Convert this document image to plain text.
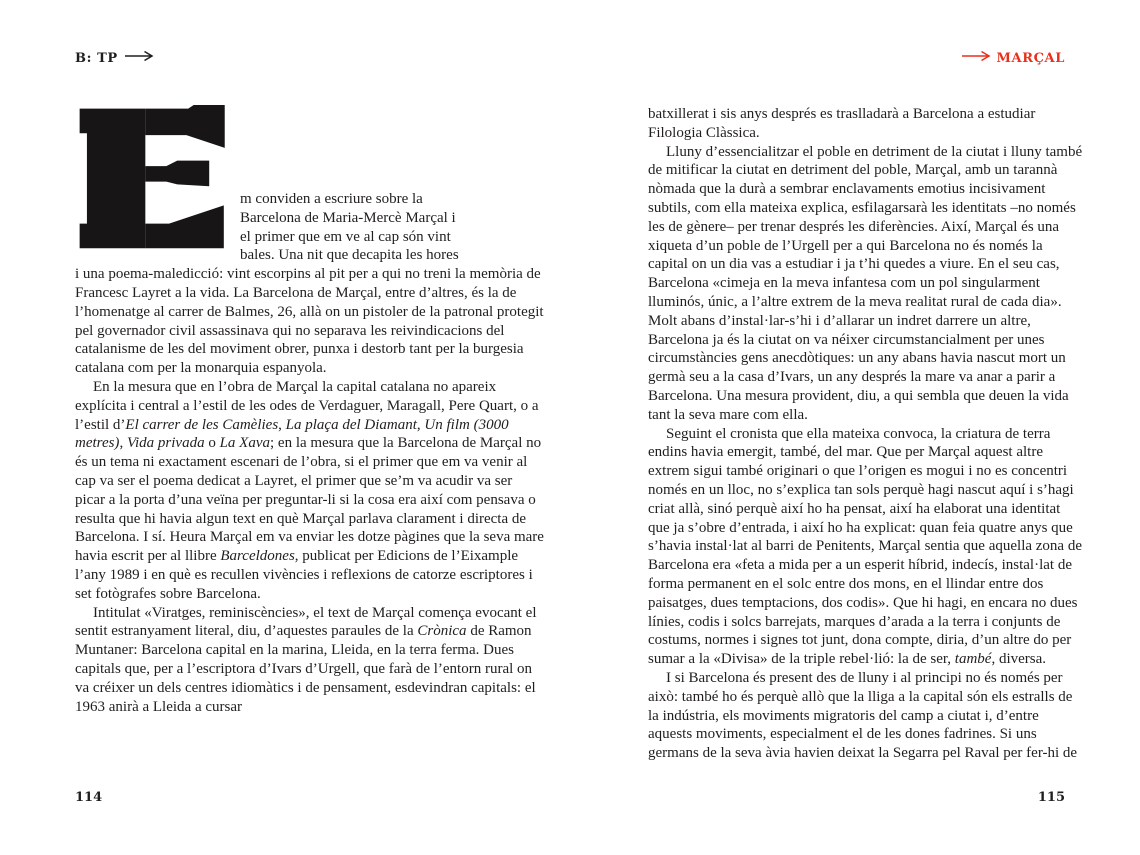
B: TP	MARÇAL
m conviden a escriure sobre la
Barcelona de Maria-Mercè Marçal i
el primer que em ve al cap són vint
bales. Una nit que decapita les hores

i una poema-maledicció: vint escorpins al pit per a qui no treni la memòria de Francesc Layret a la vida. La Barcelona de Marçal, entre d’altres, és la de l’homenatge al carrer de Balmes, 26, allà on un pistoler de la patronal protegit pel governador civil assassinava qui no separava les reivindicacions del catalanisme de les del moviment obrer, punxa i destorb tant per la burgesia catalana com per la monarquia espanyola.

En la mesura que en l’obra de Marçal la capital catalana no apareix explícita i central a l’estil de les odes de Verdaguer, Maragall, Pere Quart, o a l’estil d’El carrer de les Camèlies, La plaça del Diamant, Un film (3000 metres), Vida privada o La Xava; en la mesura que la Barcelona de Marçal no és un tema ni exactament escenari de l’obra, si el primer que em va venir al cap va ser el poema dedicat a Layret, el primer que se’m va acudir va ser picar a la porta d’una veïna per preguntar-li si la cosa era així com pensava o resulta que hi havia algun text en què Marçal parlava clarament i directa de Barcelona. I sí. Heura Marçal em va enviar les dotze pàgines que la seva mare havia escrit per al llibre Barceldones, publicat per Edicions de l’Eixample l’any 1989 i en què es recullen vivències i reflexions de catorze escriptores i set fotògrafes sobre Barcelona.

Intitulat «Viratges, reminiscències», el text de Marçal comença evocant el sentit estranyament literal, diu, d’aquestes paraules de la Crònica de Ramon Muntaner: Barcelona capital en la marina, Lleida, en la terra ferma. Dues capitals que, per a l’escriptora d’Ivars d’Urgell, que farà de l’entorn rural on va créixer un dels centres idiomàtics i de pensament, esdevindran capitals: el 1963 anirà a Lleida a cursar

batxillerat i sis anys després es traslladarà a Barcelona a estudiar Filologia Clàssica.

Lluny d’essencialitzar el poble en detriment de la ciutat i lluny també de mitificar la ciutat en detriment del poble, Marçal, amb un tarannà nòmada que la durà a sembrar enclavaments emotius incisivament subtils, com ella mateixa explica, esfilagarsarà les identitats –no només les de gènere– per trenar després les diferències. Així, Marçal és una xiqueta d’un poble de l’Urgell per a qui Barcelona no és només la capital on un dia vas a estudiar i ja t’hi quedes a viure. En el seu cas, Barcelona «cimeja en la meva infantesa com un pol singularment lluminós, únic, a l’altre extrem de la meva realitat rural de cada dia». Molt abans d’instal·lar-s’hi i d’allarar un indret darrere un altre, Barcelona ja és la ciutat on va néixer circumstancialment per unes circumstàncies gens anecdòtiques: un any abans havia nascut mort un germà seu a la casa d’Ivars, un any després la mare va anar a parir a Barcelona. Una mesura provident, diu, a qui sembla que deuen la vida tant la seva mare com ella.

Seguint el cronista que ella mateixa convoca, la criatura de terra endins havia emergit, també, del mar. Que per Marçal aquest altre extrem sigui també originari o que l’origen es mogui i no es concentri només en un lloc, no s’explica tan sols perquè hagi nascut aquí i s’hagi criat allà, sinó perquè així ho ha pensat, així ha elaborat una identitat que ja s’obre d’entrada, i així ho ha explicat: quan feia quatre anys que s’havia instal·lat al barri de Penitents, Marçal sentia que aquella zona de Barcelona era «feta a mida per a un esperit híbrid, indecís, instal·lat de forma permanent en el solc entre dos mons, en el llindar entre dos paisatges, dues temptacions, dos codis». Que hi hagi, en encara no dues línies, codis i solcs barrejats, marques d’arada a la terra i conjunts de costums, normes i signes tot junt, dona compte, diria, d’un altre do per sumar a la «Divisa» de la triple rebel·lió: la de ser, també, diversa.

I si Barcelona és present des de lluny i al principi no és només per això: també ho és perquè allò que la lliga a la capital són els estralls de la indústria, els moviments migratoris del camp a ciutat i, d’entre aquests moviments, especialment el de les dones fadrines. Si uns germans de la seva àvia havien deixat la Segarra pel Raval per fer-hi de

114	115
